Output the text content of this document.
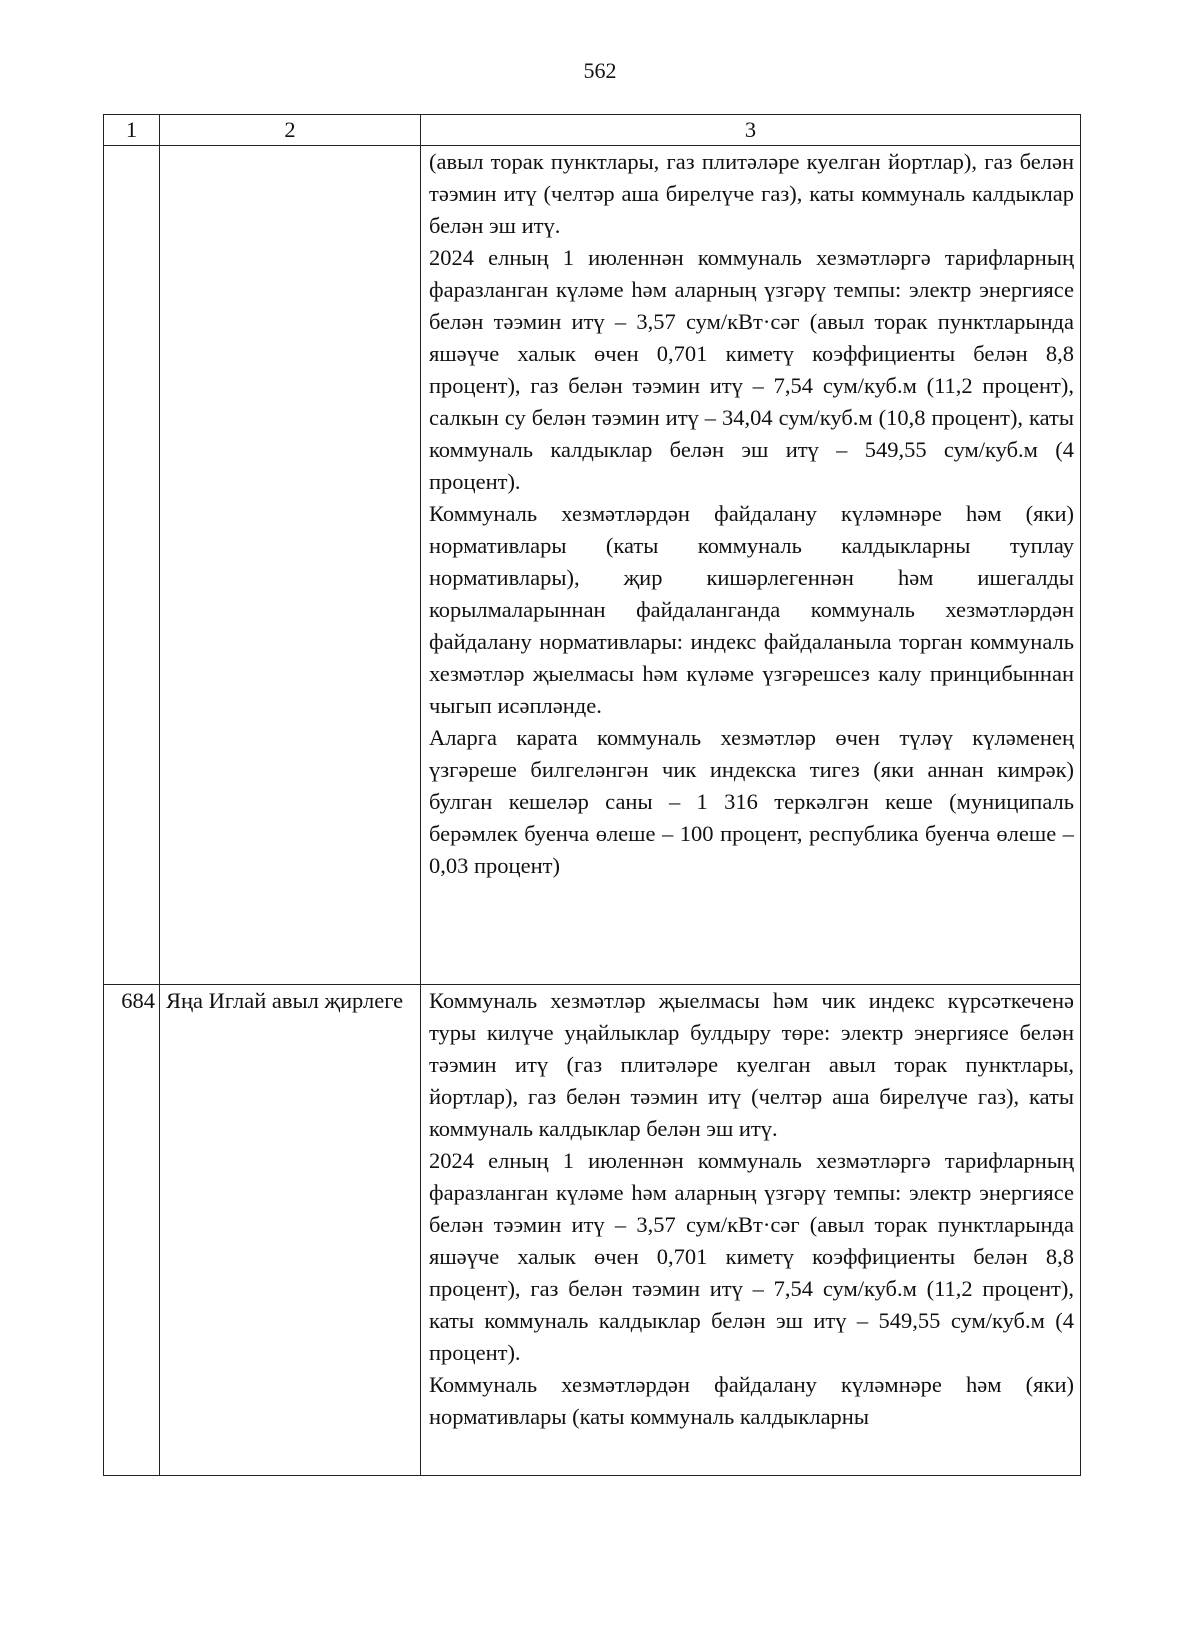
562
1	2	3

		(авыл торак пунктлары, газ плитәләре куелган йортлар), газ белән тәэмин итү (челтәр аша бирелүче газ), каты коммуналь калдыклар белән эш итү.

2024 елның 1 июленнән коммуналь хезмәтләргә тарифларның фаразланган күләме һәм аларның үзгәрү темпы: электр энергиясе белән тәэмин итү – 3,57 сум/кВт·сәг (авыл торак пунктларында яшәүче халык өчен 0,701 киметү коэффициенты белән 8,8 процент), газ белән тәэмин итү – 7,54 сум/куб.м (11,2 процент), салкын су белән тәэмин итү – 34,04 сум/куб.м (10,8 процент), каты коммуналь калдыклар белән эш итү – 549,55 сум/куб.м (4 процент).

Коммуналь хезмәтләрдән файдалану күләмнәре һәм (яки) нормативлары (каты коммуналь калдыкларны туплау нормативлары), җир кишәрлегеннән һәм ишегалды корылмаларыннан файдаланганда коммуналь хезмәтләрдән файдалану нормативлары: индекс файдаланыла торган коммуналь хезмәтләр җыелмасы һәм күләме үзгәрешсез калу принцибыннан чыгып исәпләнде.

Аларга карата коммуналь хезмәтләр өчен түләү күләменең үзгәреше билгеләнгән чик индекска тигез (яки аннан кимрәк) булган кешеләр саны – 1 316 теркәлгән кеше (муниципаль берәмлек буенча өлеше – 100 процент, республика буенча өлеше – 0,03 процент)

684	Яңа Иглай авыл җирлеге	Коммуналь хезмәтләр җыелмасы һәм чик индекс күрсәткеченә туры килүче уңайлыклар булдыру төре: электр энергиясе белән тәэмин итү (газ плитәләре куелган авыл торак пунктлары, йортлар), газ белән тәэмин итү (челтәр аша бирелүче газ), каты коммуналь калдыклар белән эш итү.

2024 елның 1 июленнән коммуналь хезмәтләргә тарифларның фаразланган күләме һәм аларның үзгәрү темпы: электр энергиясе белән тәэмин итү – 3,57 сум/кВт·сәг (авыл торак пунктларында яшәүче халык өчен 0,701 киметү коэффициенты белән 8,8 процент), газ белән тәэмин итү – 7,54 сум/куб.м (11,2 процент), каты коммуналь калдыклар белән эш итү – 549,55 сум/куб.м (4 процент).

Коммуналь хезмәтләрдән файдалану күләмнәре һәм (яки) нормативлары (каты коммуналь калдыкларны
